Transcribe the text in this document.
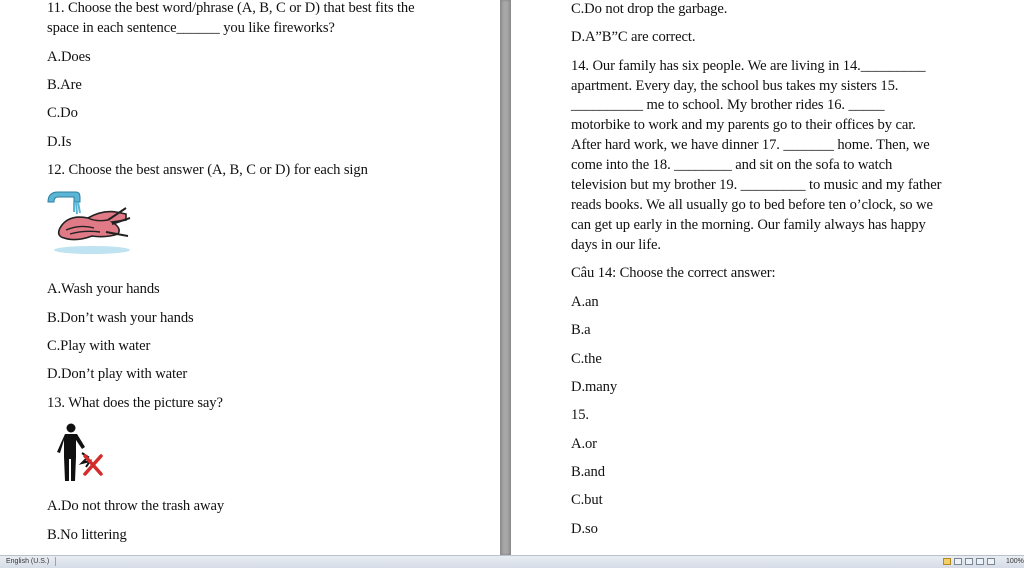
11. Choose the best word/phrase (A, B, C or D) that best fits the
space in each sentence______ you like fireworks?
A.Does
B.Are
C.Do
D.Is
12. Choose the best answer (A, B, C or D) for each sign
A.Wash your hands
B.Don’t wash your hands
C.Play with water
D.Don’t play with water
13. What does the picture say?
A.Do not throw the trash away
B.No littering
C.Do not drop the garbage.
D.A”B”C are correct.
14. Our family has six people. We are living in 14._________
apartment. Every day, the school bus takes my sisters 15.
__________ me to school. My brother rides 16. _____
motorbike to work and my parents go to their offices by car.
After hard work, we have dinner 17. _______ home. Then, we
come into the 18. ________ and sit on the sofa to watch
television but my brother 19. _________ to music and my father
reads books. We all usually go to bed before ten o’clock, so we
can get up early in the morning. Our family always has happy
days in our life.
Câu 14: Choose the correct answer:
A.an
B.a
C.the
D.many
15.
A.or
B.and
C.but
D.so
English (U.S.)	100%
